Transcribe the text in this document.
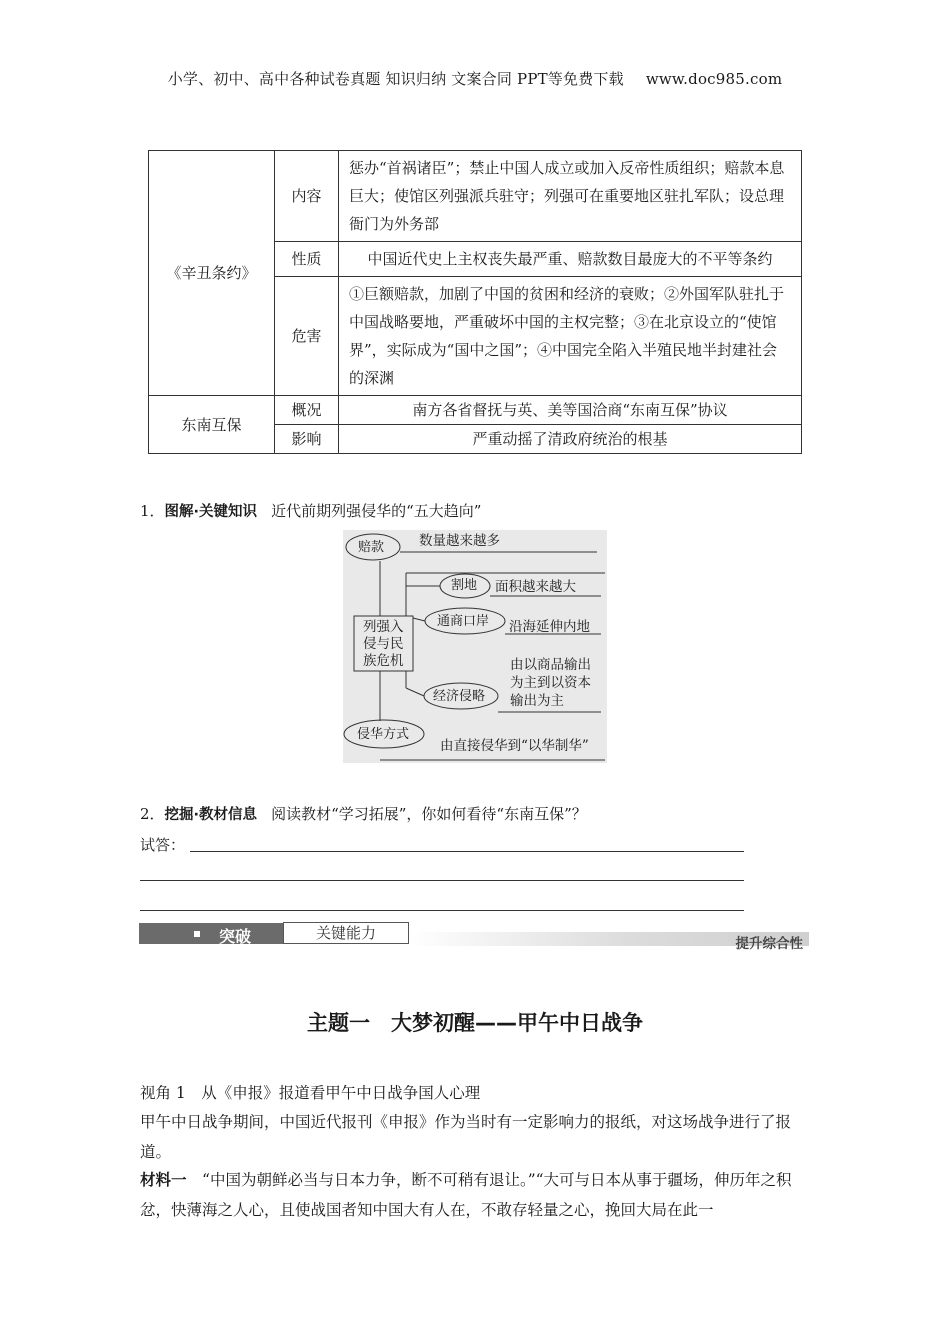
小学、初中、高中各种试卷真题 知识归纳 文案合同 PPT等免费下载 www.doc985.com
《辛丑条约》	内容	惩办“首祸诸臣”；禁止中国人成立或加入反帝性质组织；赔款本息巨大；使馆区列强派兵驻守；列强可在重要地区驻扎军队；设总理衙门为外务部
	性质	中国近代史上主权丧失最严重、赔款数目最庞大的不平等条约
	危害	①巨额赔款，加剧了中国的贫困和经济的衰败；②外国军队驻扎于中国战略要地，严重破坏中国的主权完整；③在北京设立的“使馆界”，实际成为“国中之国”；④中国完全陷入半殖民地半封建社会的深渊
东南互保	概况	南方各省督抚与英、美等国洽商“东南互保”协议
	影响	严重动摇了清政府统治的根基
1．图解·关键知识 近代前期列强侵华的“五大趋向”
赔款	数量越来越多
割地 面积越来越大
通商口岸 沿海延伸内地
列强入
侵与民
族危机	由以商品输出
为主到以资本
输出为主
经济侵略
侵华方式
由直接侵华到“以华制华”
2．挖掘·教材信息 阅读教材“学习拓展”，你如何看待“东南互保”？
试答：
突破	关键能力
提升综合性
主题一　大梦初醒——甲午中日战争
视角 1　从《申报》报道看甲午中日战争国人心理
甲午中日战争期间，中国近代报刊《申报》作为当时有一定影响力的报纸，对这场战争进行了报道。
材料一　 “中国为朝鲜必当与日本力争，断不可稍有退让。”“大可与日本从事于疆场，伸历年之积忿，快薄海之人心，且使战国者知中国大有人在，不敢存轻量之心，挽回大局在此一
